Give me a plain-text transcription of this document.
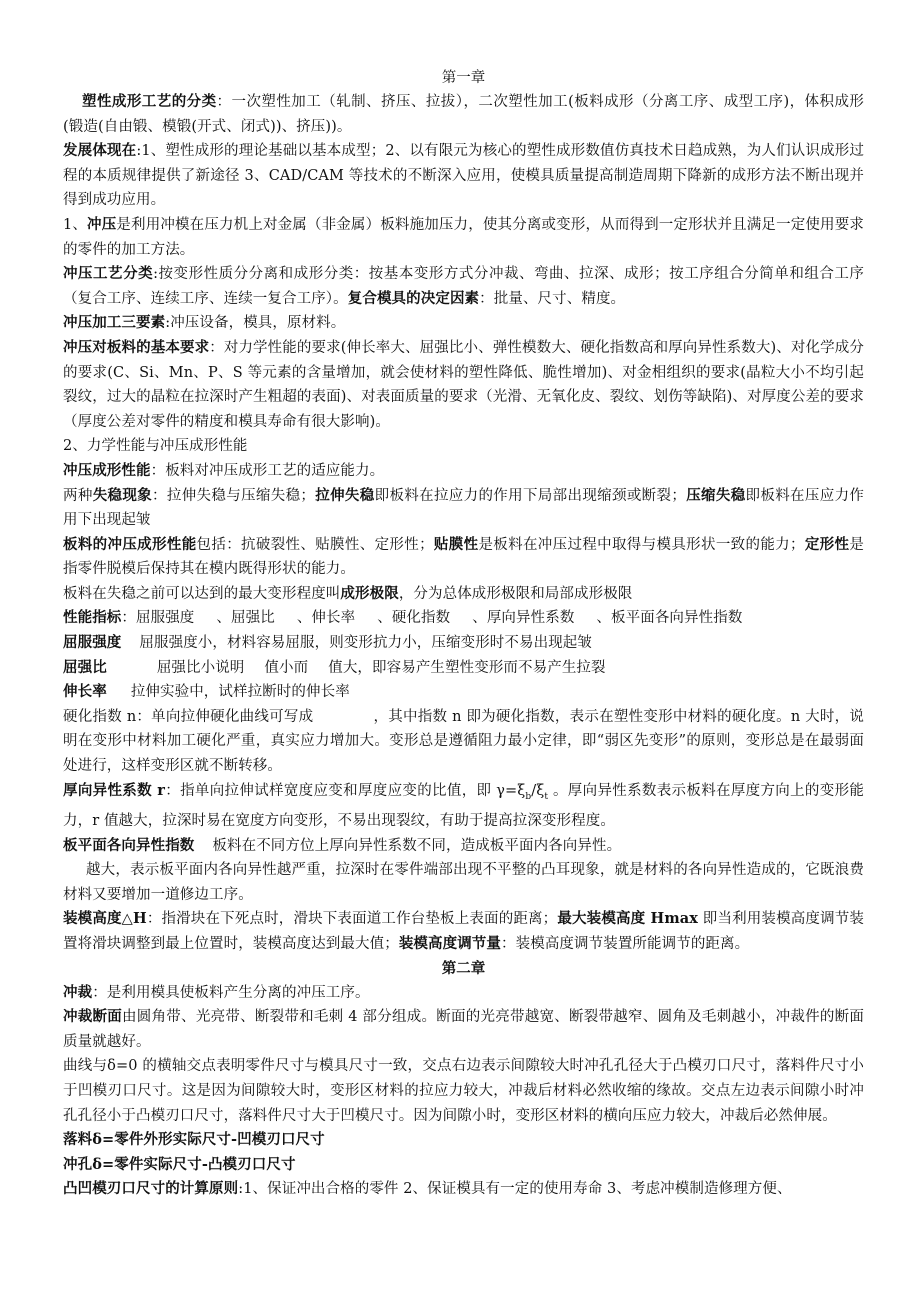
第一章

塑性成形工艺的分类：一次塑性加工（轧制、挤压、拉拔），二次塑性加工(板料成形（分离工序、成型工序)，体积成形(锻造(自由锻、模锻(开式、闭式))、挤压))。

发展体现在:1、塑性成形的理论基础以基本成型；2、以有限元为核心的塑性成形数值仿真技术日趋成熟，为人们认识成形过程的本质规律提供了新途径 3、CAD/CAM 等技术的不断深入应用，使模具质量提高制造周期下降新的成形方法不断出现并得到成功应用。

1、冲压是利用冲模在压力机上对金属（非金属）板料施加压力，使其分离或变形，从而得到一定形状并且满足一定使用要求的零件的加工方法。

冲压工艺分类:按变形性质分分离和成形分类：按基本变形方式分冲裁、弯曲、拉深、成形；按工序组合分简单和组合工序（复合工序、连续工序、连续一复合工序）。复合模具的决定因素：批量、尺寸、精度。

冲压加工三要素:冲压设备，模具，原材料。

冲压对板料的基本要求：对力学性能的要求(伸长率大、屈强比小、弹性模数大、硬化指数高和厚向异性系数大)、对化学成分的要求(C、Si、Mn、P、S 等元素的含量增加，就会使材料的塑性降低、脆性增加)、对金相组织的要求(晶粒大小不均引起裂纹，过大的晶粒在拉深时产生粗超的表面)、对表面质量的要求（光滑、无氧化皮、裂纹、划伤等缺陷)、对厚度公差的要求（厚度公差对零件的精度和模具寿命有很大影响)。

2、力学性能与冲压成形性能

冲压成形性能：板料对冲压成形工艺的适应能力。

两种失稳现象：拉伸失稳与压缩失稳；拉伸失稳即板料在拉应力的作用下局部出现缩颈或断裂；压缩失稳即板料在压应力作用下出现起皱

板料的冲压成形性能包括：抗破裂性、贴膜性、定形性；贴膜性是板料在冲压过程中取得与模具形状一致的能力；定形性是指零件脱模后保持其在模内既得形状的能力。

板料在失稳之前可以达到的最大变形程度叫成形极限，分为总体成形极限和局部成形极限

性能指标：屈服强度 、屈强比 、伸长率 、硬化指数 、厚向异性系数 、板平面各向异性指数

屈服强度 屈服强度小，材料容易屈服，则变形抗力小，压缩变形时不易出现起皱

屈强比	屈强比小说明 值小而 值大，即容易产生塑性变形而不易产生拉裂

伸长率 拉伸实验中，试样拉断时的伸长率

硬化指数 n：单向拉伸硬化曲线可写成	，其中指数 n 即为硬化指数，表示在塑性变形中材料的硬化度。n 大时，说明在变形中材料加工硬化严重，真实应力增加大。变形总是遵循阻力最小定律，即“弱区先变形”的原则，变形总是在最弱面处进行，这样变形区就不断转移。

厚向异性系数 r：指单向拉伸试样宽度应变和厚度应变的比值，即 $\gamma=\xi_b/\xi_t$ 。厚向异性系数表示板料在厚度方向上的变形能力，r 值越大，拉深时易在宽度方向变形，不易出现裂纹，有助于提高拉深变形程度。

板平面各向异性指数 板料在不同方位上厚向异性系数不同，造成板平面内各向异性。

越大，表示板平面内各向异性越严重，拉深时在零件端部出现不平整的凸耳现象，就是材料的各向异性造成的，它既浪费材料又要增加一道修边工序。

装模高度△H：指滑块在下死点时，滑块下表面道工作台垫板上表面的距离；最大装模高度 Hmax 即当利用装模高度调节装置将滑块调整到最上位置时，装模高度达到最大值；装模高度调节量：装模高度调节装置所能调节的距离。

第二章

冲裁：是利用模具使板料产生分离的冲压工序。

冲裁断面由圆角带、光亮带、断裂带和毛刺 4 部分组成。断面的光亮带越宽、断裂带越窄、圆角及毛刺越小，冲裁件的断面质量就越好。

曲线与δ=0 的横轴交点表明零件尺寸与模具尺寸一致，交点右边表示间隙较大时冲孔孔径大于凸模刃口尺寸，落料件尺寸小于凹模刃口尺寸。这是因为间隙较大时，变形区材料的拉应力较大，冲裁后材料必然收缩的缘故。交点左边表示间隙小时冲孔孔径小于凸模刃口尺寸，落料件尺寸大于凹模尺寸。因为间隙小时，变形区材料的横向压应力较大，冲裁后必然伸展。

落料δ=零件外形实际尺寸-凹模刃口尺寸

冲孔δ=零件实际尺寸-凸模刃口尺寸

凸凹模刃口尺寸的计算原则:1、保证冲出合格的零件 2、保证模具有一定的使用寿命 3、考虑冲模制造修理方便、
